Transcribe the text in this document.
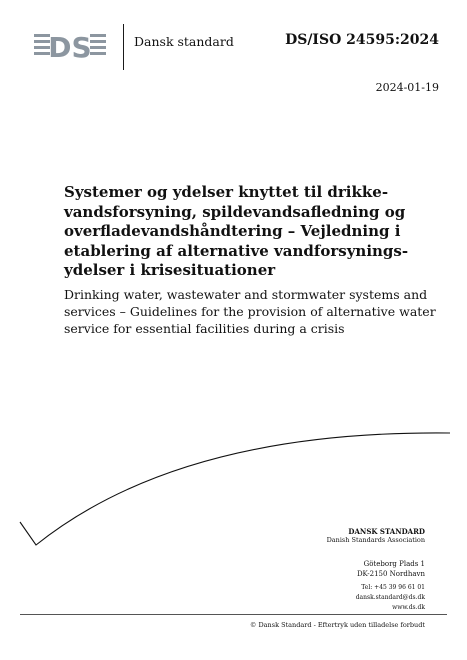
DS	Dansk standard	DS/ISO 24595:2024
2024-01-19

Systemer og ydelser knyttet til drikke-vandsforsyning, spildevandsafledning og overfladevandshåndtering – Vejledning i etablering af alternative vandforsynings-ydelser i krisesituationer

Drinking water, wastewater and stormwater systems and services – Guidelines for the provision of alternative water service for essential facilities during a crisis

DANSK STANDARD
Danish Standards Association
Göteborg Plads 1
DK-2150 Nordhavn
Tel: +45 39 96 61 01
dansk.standard@ds.dk
www.ds.dk
© Dansk Standard - Eftertryk uden tilladelse forbudt
